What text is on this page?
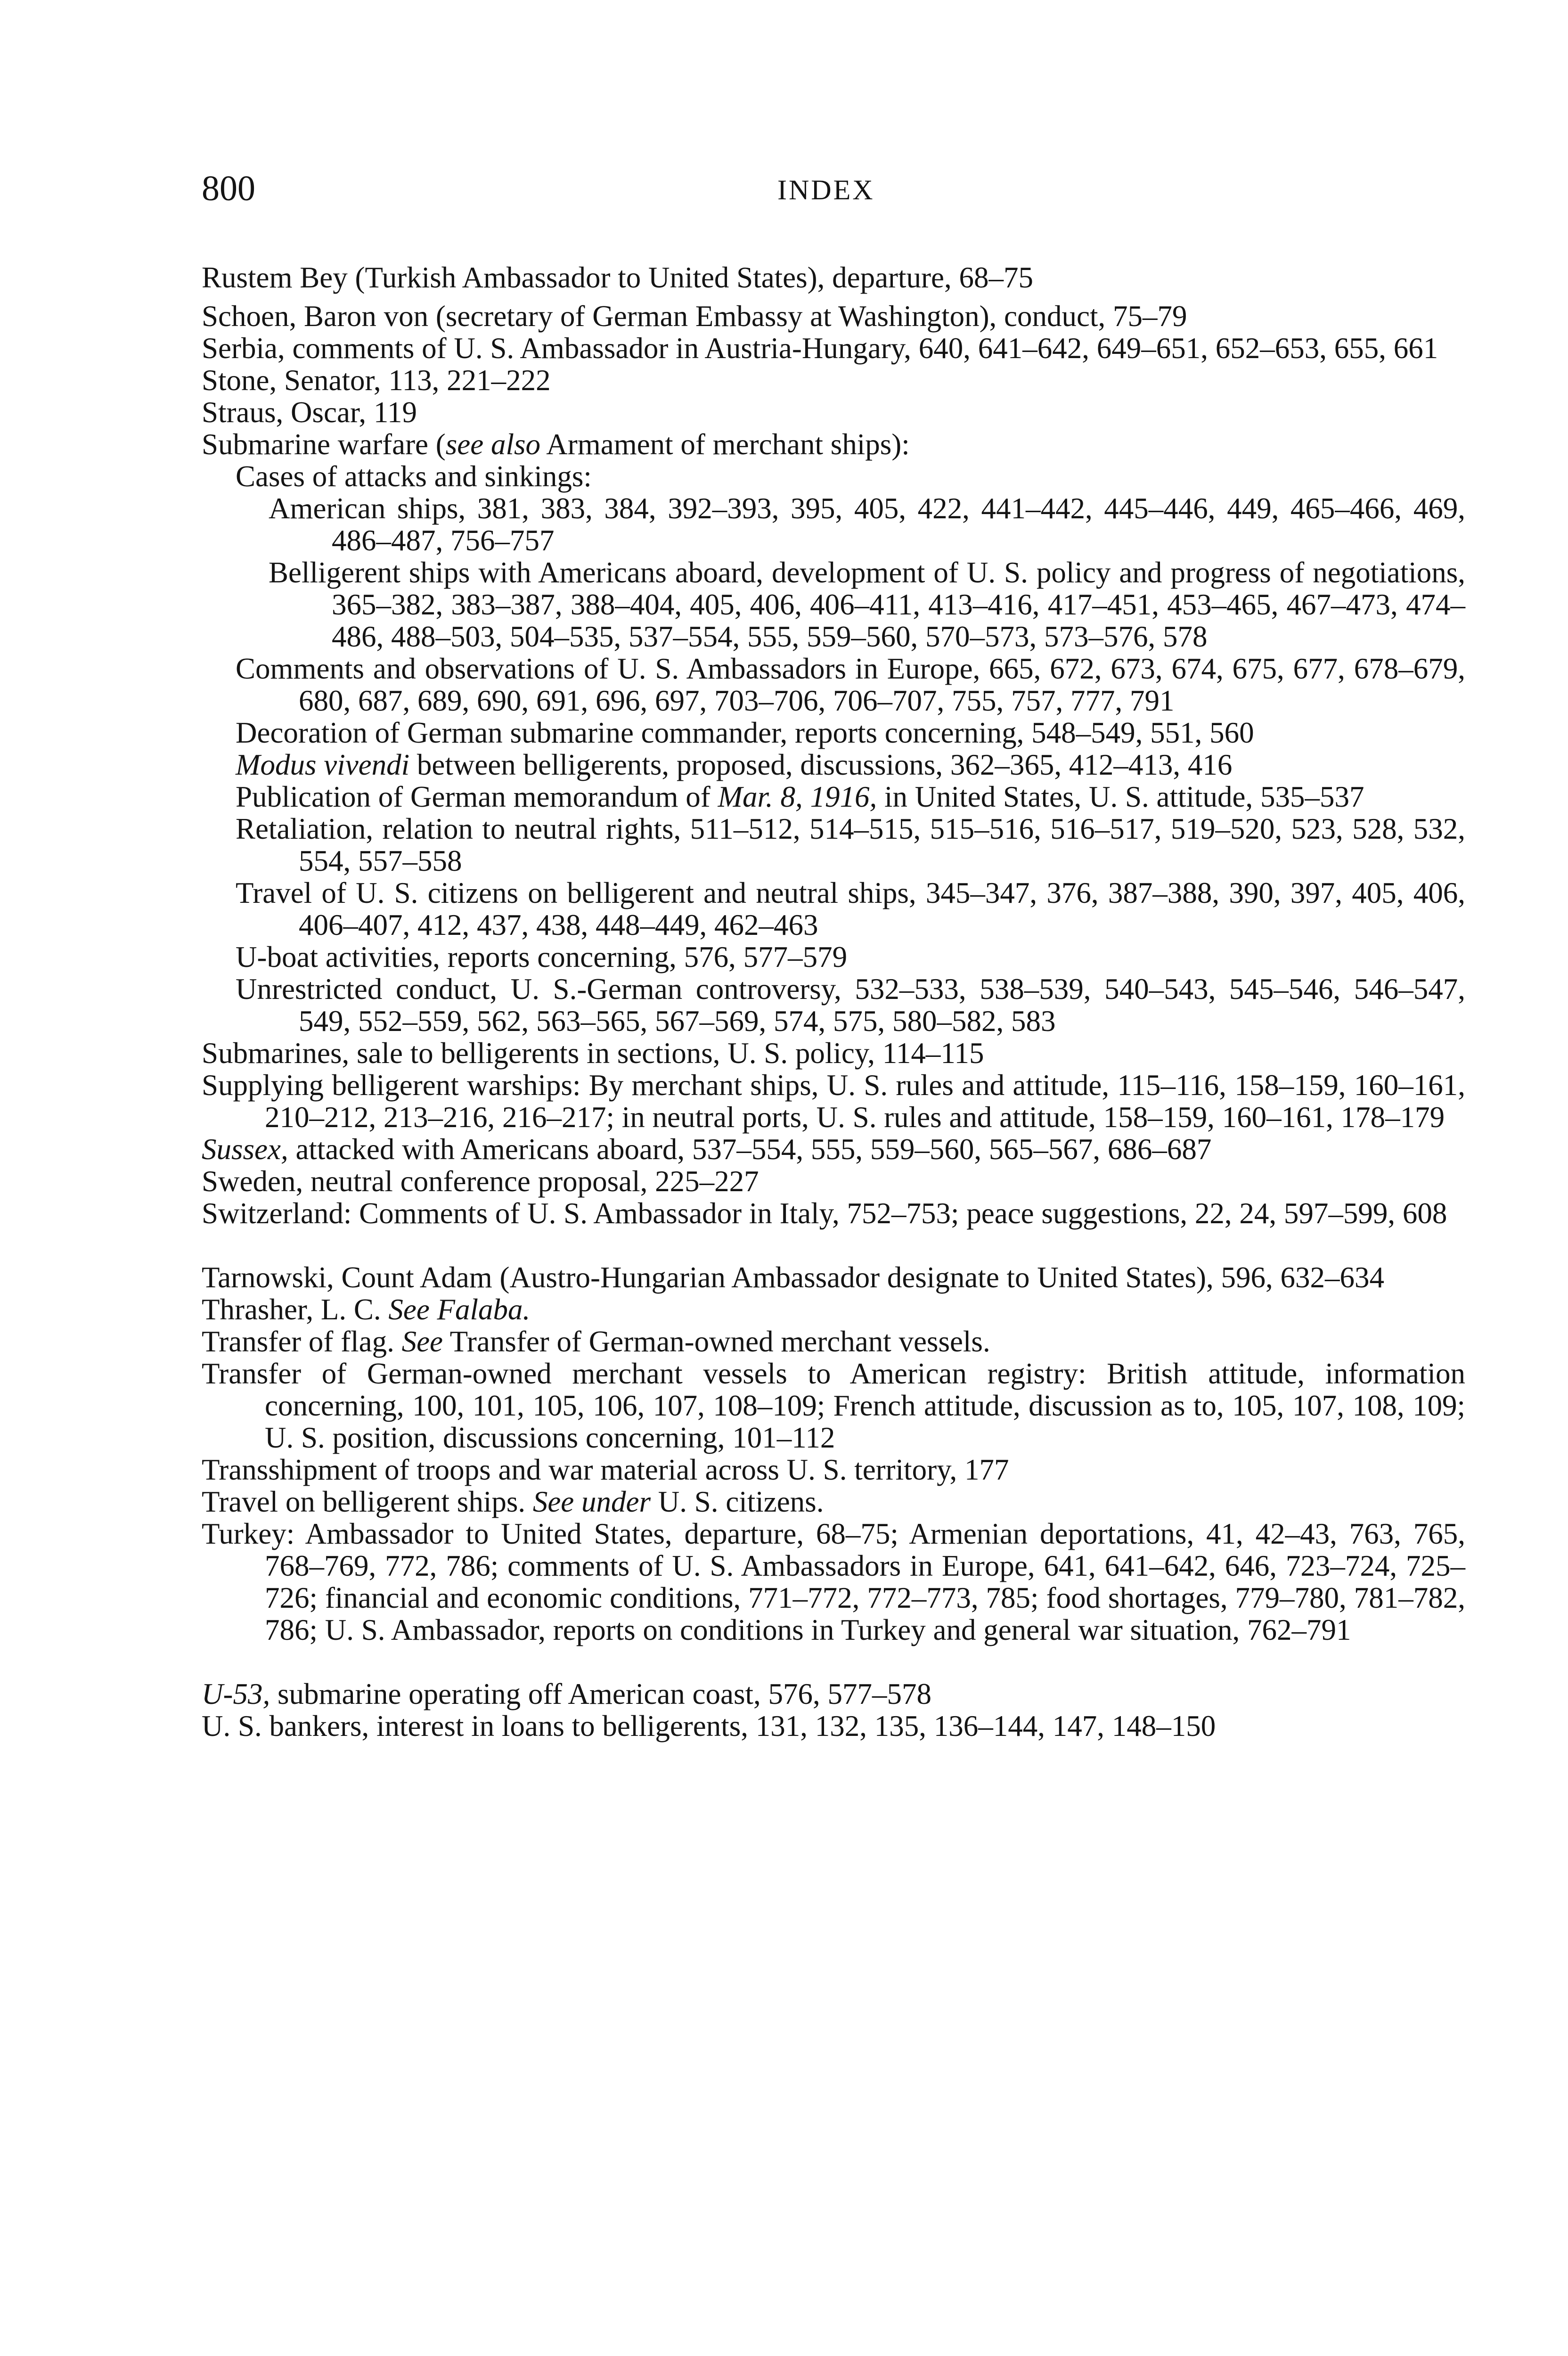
800	INDEX

Rustem Bey (Turkish Ambassador to United States), departure, 68–75

Schoen, Baron von (secretary of German Embassy at Washington), conduct, 75–79

Serbia, comments of U. S. Ambassador in Austria-Hungary, 640, 641–642, 649–651, 652–653, 655, 661

Stone, Senator, 113, 221–222

Straus, Oscar, 119

Submarine warfare (see also Armament of merchant ships):

Cases of attacks and sinkings:

American ships, 381, 383, 384, 392–393, 395, 405, 422, 441–442, 445–446, 449, 465–466, 469, 486–487, 756–757

Belligerent ships with Americans aboard, development of U. S. policy and progress of negotiations, 365–382, 383–387, 388–404, 405, 406, 406–411, 413–416, 417–451, 453–465, 467–473, 474–486, 488–503, 504–535, 537–554, 555, 559–560, 570–573, 573–576, 578

Comments and observations of U. S. Ambassadors in Europe, 665, 672, 673, 674, 675, 677, 678–679, 680, 687, 689, 690, 691, 696, 697, 703–706, 706–707, 755, 757, 777, 791

Decoration of German submarine commander, reports concerning, 548–549, 551, 560

Modus vivendi between belligerents, proposed, discussions, 362–365, 412–413, 416

Publication of German memorandum of Mar. 8, 1916, in United States, U. S. attitude, 535–537

Retaliation, relation to neutral rights, 511–512, 514–515, 515–516, 516–517, 519–520, 523, 528, 532, 554, 557–558

Travel of U. S. citizens on belligerent and neutral ships, 345–347, 376, 387–388, 390, 397, 405, 406, 406–407, 412, 437, 438, 448–449, 462–463

U-boat activities, reports concerning, 576, 577–579

Unrestricted conduct, U. S.-German controversy, 532–533, 538–539, 540–543, 545–546, 546–547, 549, 552–559, 562, 563–565, 567–569, 574, 575, 580–582, 583

Submarines, sale to belligerents in sections, U. S. policy, 114–115

Supplying belligerent warships: By merchant ships, U. S. rules and attitude, 115–116, 158–159, 160–161, 210–212, 213–216, 216–217; in neutral ports, U. S. rules and attitude, 158–159, 160–161, 178–179

Sussex, attacked with Americans aboard, 537–554, 555, 559–560, 565–567, 686–687

Sweden, neutral conference proposal, 225–227

Switzerland: Comments of U. S. Ambassador in Italy, 752–753; peace suggestions, 22, 24, 597–599, 608

Tarnowski, Count Adam (Austro-Hungarian Ambassador designate to United States), 596, 632–634

Thrasher, L. C. See Falaba.

Transfer of flag. See Transfer of German-owned merchant vessels.

Transfer of German-owned merchant vessels to American registry: British attitude, information concerning, 100, 101, 105, 106, 107, 108–109; French attitude, discussion as to, 105, 107, 108, 109; U. S. position, discussions concerning, 101–112

Transshipment of troops and war material across U. S. territory, 177

Travel on belligerent ships. See under U. S. citizens.

Turkey: Ambassador to United States, departure, 68–75; Armenian deportations, 41, 42–43, 763, 765, 768–769, 772, 786; comments of U. S. Ambassadors in Europe, 641, 641–642, 646, 723–724, 725–726; financial and economic conditions, 771–772, 772–773, 785; food shortages, 779–780, 781–782, 786; U. S. Ambassador, reports on conditions in Turkey and general war situation, 762–791

U-53, submarine operating off American coast, 576, 577–578

U. S. bankers, interest in loans to belligerents, 131, 132, 135, 136–144, 147, 148–150
